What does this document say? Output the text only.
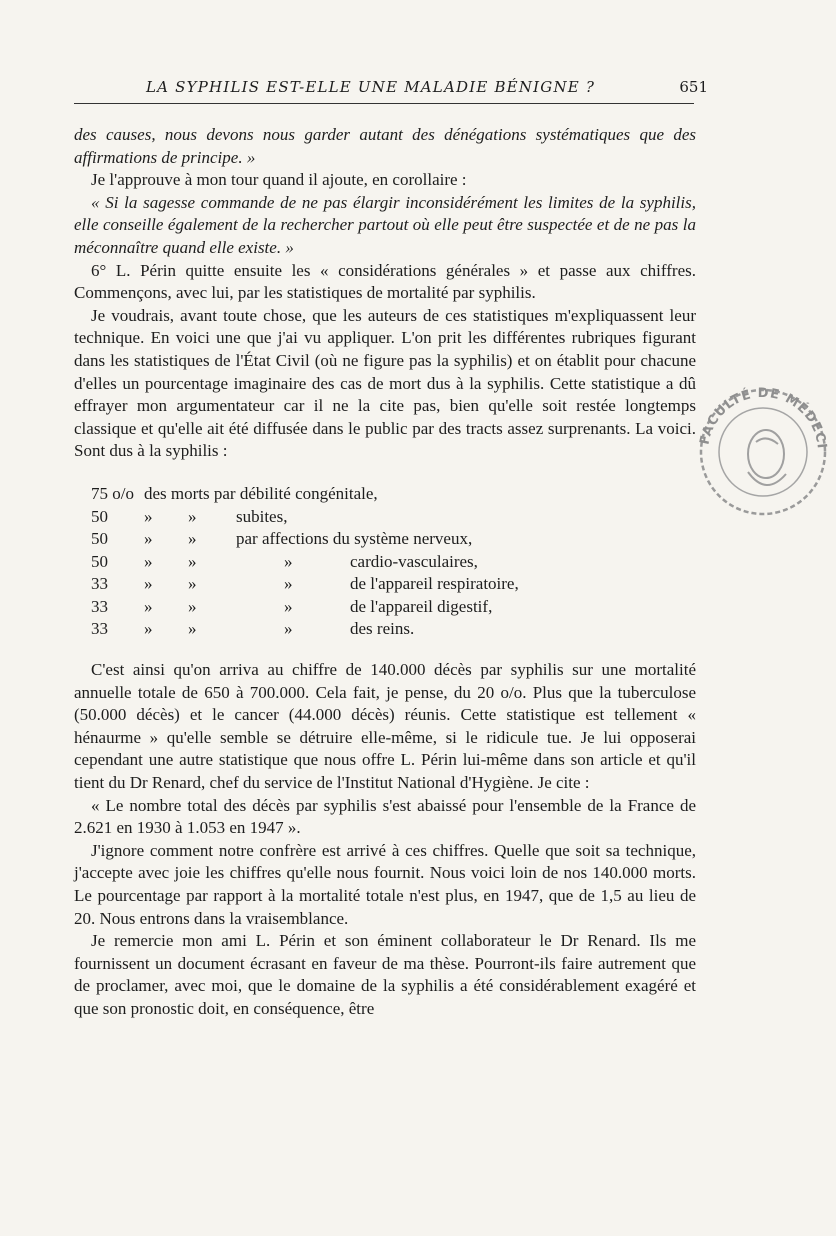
LA SYPHILIS EST-ELLE UNE MALADIE BÉNIGNE ?	651

des causes, nous devons nous garder autant des dénégations systématiques que des affirmations de principe. »

Je l'approuve à mon tour quand il ajoute, en corollaire :

« Si la sagesse commande de ne pas élargir inconsidérément les limites de la syphilis, elle conseille également de la rechercher partout où elle peut être suspectée et de ne pas la méconnaître quand elle existe. »

6° L. Périn quitte ensuite les « considérations générales » et passe aux chiffres. Commençons, avec lui, par les statistiques de mortalité par syphilis.

Je voudrais, avant toute chose, que les auteurs de ces statistiques m'expliquassent leur technique. En voici une que j'ai vu appliquer. L'on prit les différentes rubriques figurant dans les statistiques de l'État Civil (où ne figure pas la syphilis) et on établit pour chacune d'elles un pourcentage imaginaire des cas de mort dus à la syphilis. Cette statistique a dû effrayer mon argumentateur car il ne la cite pas, bien qu'elle soit restée longtemps classique et qu'elle ait été diffusée dans le public par des tracts assez surprenants. La voici. Sont dus à la syphilis :

75 o/o des morts par débilité congénitale,
50 » » subites,
50 » » par affections du système nerveux,
50 » »	»	cardio-vasculaires,
33 » »	»	de l'appareil respiratoire,
33 » »	»	de l'appareil digestif,
33 » »	»	des reins.

C'est ainsi qu'on arriva au chiffre de 140.000 décès par syphilis sur une mortalité annuelle totale de 650 à 700.000. Cela fait, je pense, du 20 o/o. Plus que la tuberculose (50.000 décès) et le cancer (44.000 décès) réunis. Cette statistique est tellement « hénaurme » qu'elle semble se détruire elle-même, si le ridicule tue. Je lui opposerai cependant une autre statistique que nous offre L. Périn lui-même dans son article et qu'il tient du Dr Renard, chef du service de l'Institut National d'Hygiène. Je cite :

« Le nombre total des décès par syphilis s'est abaissé pour l'ensemble de la France de 2.621 en 1930 à 1.053 en 1947 ».

J'ignore comment notre confrère est arrivé à ces chiffres. Quelle que soit sa technique, j'accepte avec joie les chiffres qu'elle nous fournit. Nous voici loin de nos 140.000 morts. Le pourcentage par rapport à la mortalité totale n'est plus, en 1947, que de 1,5 au lieu de 20. Nous entrons dans la vraisemblance.

Je remercie mon ami L. Périn et son éminent collaborateur le Dr Renard. Ils me fournissent un document écrasant en faveur de ma thèse. Pourront-ils faire autrement que de proclamer, avec moi, que le domaine de la syphilis a été considérablement exagéré et que son pronostic doit, en conséquence, être

FACULTÉ DE MÉDECI
